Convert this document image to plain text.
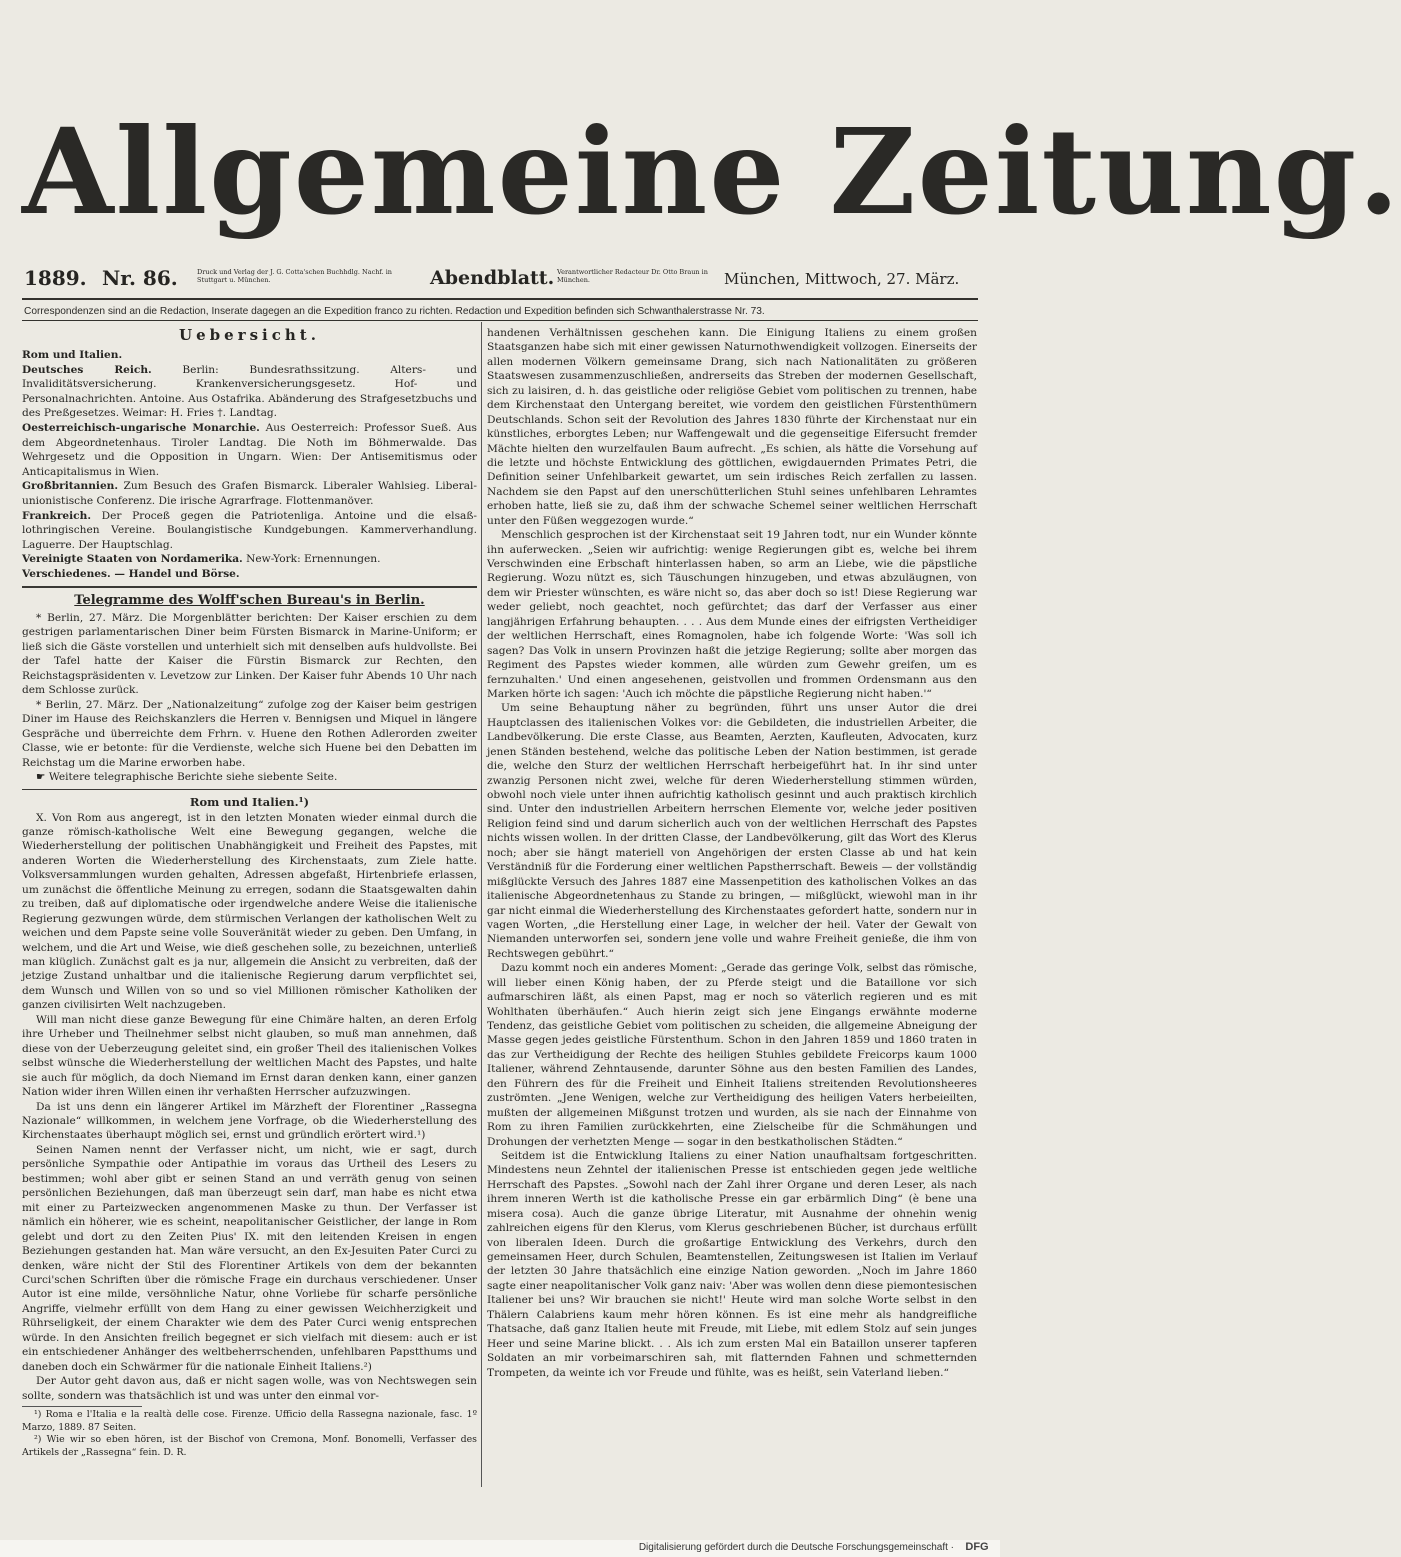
Allgemeine Zeitung.
1889. Nr. 86.	Druck und Verlag der J. G. Cotta'schen Buchhdlg. Nachf. in Stuttgart u. München.	Abendblatt. Verantwortlicher Redacteur Dr. Otto Braun in München.	München, Mittwoch, 27. März.
Correspondenzen sind an die Redaction, Inserate dagegen an die Expedition franco zu richten. Redaction und Expedition befinden sich Schwanthalerstrasse Nr. 73.
Uebersicht.

Rom und Italien.

Deutsches Reich.	Berlin: Bundesrathssitzung. Alters- und Invaliditätsversicherung. Krankenversicherungsgesetz. Hof- und Personalnachrichten. Antoine. Aus Ostafrika. Abänderung des Strafgesetzbuchs und des Preßgesetzes. Weimar: H. Fries †. Landtag.

Oesterreichisch-ungarische Monarchie. Aus Oesterreich: Professor Sueß. Aus dem Abgeordnetenhaus. Tiroler Landtag. Die Noth im Böhmerwalde. Das Wehrgesetz und die Opposition in Ungarn. Wien: Der Antisemitismus oder Anticapitalismus in Wien.

Großbritannien. Zum Besuch des Grafen Bismarck. Liberaler Wahlsieg. Liberal-unionistische Conferenz. Die irische Agrarfrage. Flottenmanöver.

Frankreich. Der Proceß gegen die Patriotenliga. Antoine und die elsaß-lothringischen Vereine. Boulangistische Kundgebungen. Kammerverhandlung. Laguerre. Der Hauptschlag.

Vereinigte Staaten von Nordamerika. New-York: Ernennungen.

Verschiedenes. — Handel und Börse.

Telegramme des Wolff'schen Bureau's in Berlin.

* Berlin, 27. März. Die Morgenblätter berichten: Der Kaiser erschien zu dem gestrigen parlamentarischen Diner beim Fürsten Bismarck in Marine-Uniform; er ließ sich die Gäste vorstellen und unterhielt sich mit denselben aufs huldvollste. Bei der Tafel hatte der Kaiser die Fürstin Bismarck zur Rechten, den Reichstagspräsidenten v. Levetzow zur Linken. Der Kaiser fuhr Abends 10 Uhr nach dem Schlosse zurück.

* Berlin, 27. März. Der „Nationalzeitung“ zufolge zog der Kaiser beim gestrigen Diner im Hause des Reichskanzlers die Herren v. Bennigsen und Miquel in längere Gespräche und überreichte dem Frhrn. v. Huene den Rothen Adlerorden zweiter Classe, wie er betonte: für die Verdienste, welche sich Huene bei den Debatten im Reichstag um die Marine erworben habe.

☛ Weitere telegraphische Berichte siehe siebente Seite.

Rom und Italien.¹)

X. Von Rom aus angeregt, ist in den letzten Monaten wieder einmal durch die ganze römisch-katholische Welt eine Bewegung gegangen, welche die Wiederherstellung der politischen Unabhängigkeit und Freiheit des Papstes, mit anderen Worten die Wiederherstellung des Kirchenstaats, zum Ziele hatte. Volksversammlungen wurden gehalten, Adressen abgefaßt, Hirtenbriefe erlassen, um zunächst die öffentliche Meinung zu erregen, sodann die Staatsgewalten dahin zu treiben, daß auf diplomatische oder irgendwelche andere Weise die italienische Regierung gezwungen würde, dem stürmischen Verlangen der katholischen Welt zu weichen und dem Papste seine volle Souveränität wieder zu geben. Den Umfang, in welchem, und die Art und Weise, wie dieß geschehen solle, zu bezeichnen, unterließ man klüglich. Zunächst galt es ja nur, allgemein die Ansicht zu verbreiten, daß der jetzige Zustand unhaltbar und die italienische Regierung darum verpflichtet sei, dem Wunsch und Willen von so und so viel Millionen römischer Katholiken der ganzen civilisirten Welt nachzugeben.

Will man nicht diese ganze Bewegung für eine Chimäre halten, an deren Erfolg ihre Urheber und Theilnehmer selbst nicht glauben, so muß man annehmen, daß diese von der Ueberzeugung geleitet sind, ein großer Theil des italienischen Volkes selbst wünsche die Wiederherstellung der weltlichen Macht des Papstes, und halte sie auch für möglich, da doch Niemand im Ernst daran denken kann, einer ganzen Nation wider ihren Willen einen ihr verhaßten Herrscher aufzuzwingen.

Da ist uns denn ein längerer Artikel im Märzheft der Florentiner „Rassegna Nazionale“ willkommen, in welchem jene Vorfrage, ob die Wiederherstellung des Kirchenstaates überhaupt möglich sei, ernst und gründlich erörtert wird.¹)

Seinen Namen nennt der Verfasser nicht, um nicht, wie er sagt, durch persönliche Sympathie oder Antipathie im voraus das Urtheil des Lesers zu bestimmen; wohl aber gibt er seinen Stand an und verräth genug von seinen persönlichen Beziehungen, daß man überzeugt sein darf, man habe es nicht etwa mit einer zu Parteizwecken angenommenen Maske zu thun. Der Verfasser ist nämlich ein höherer, wie es scheint, neapolitanischer Geistlicher, der lange in Rom gelebt und dort zu den Zeiten Pius' IX. mit den leitenden Kreisen in engen Beziehungen gestanden hat. Man wäre versucht, an den Ex-Jesuiten Pater Curci zu denken, wäre nicht der Stil des Florentiner Artikels von dem der bekannten Curci'schen Schriften über die römische Frage ein durchaus verschiedener. Unser Autor ist eine milde, versöhnliche Natur, ohne Vorliebe für scharfe persönliche Angriffe, vielmehr erfüllt von dem Hang zu einer gewissen Weichherzigkeit und Rührseligkeit, der einem Charakter wie dem des Pater Curci wenig entsprechen würde. In den Ansichten freilich begegnet er sich vielfach mit diesem: auch er ist ein entschiedener Anhänger des weltbeherrschenden, unfehlbaren Papstthums und daneben doch ein Schwärmer für die nationale Einheit Italiens.²)

Der Autor geht davon aus, daß er nicht sagen wolle, was von Nechtswegen sein sollte, sondern was thatsächlich ist und was unter den einmal vor-

¹) Roma e l'Italia e la realtà delle cose. Firenze. Ufficio della Rassegna nazionale, fasc. 1º Marzo, 1889. 87 Seiten.

²) Wie wir so eben hören, ist der Bischof von Cremona, Monf. Bonomelli, Verfasser des Artikels der „Rassegna“ fein. D. R.

handenen Verhältnissen geschehen kann. Die Einigung Italiens zu einem großen Staatsganzen habe sich mit einer gewissen Naturnothwendigkeit vollzogen. Einerseits der allen modernen Völkern gemeinsame Drang, sich nach Nationalitäten zu größeren Staatswesen zusammenzuschließen, andrerseits das Streben der modernen Gesellschaft, sich zu laisiren, d. h. das geistliche oder religiöse Gebiet vom politischen zu trennen, habe dem Kirchenstaat den Untergang bereitet, wie vordem den geistlichen Fürstenthümern Deutschlands. Schon seit der Revolution des Jahres 1830 führte der Kirchenstaat nur ein künstliches, erborgtes Leben; nur Waffengewalt und die gegenseitige Eifersucht fremder Mächte hielten den wurzelfaulen Baum aufrecht. „Es schien, als hätte die Vorsehung auf die letzte und höchste Entwicklung des göttlichen, ewigdauernden Primates Petri, die Definition seiner Unfehlbarkeit gewartet, um sein irdisches Reich zerfallen zu lassen. Nachdem sie den Papst auf den unerschütterlichen Stuhl seines unfehlbaren Lehramtes erhoben hatte, ließ sie zu, daß ihm der schwache Schemel seiner weltlichen Herrschaft unter den Füßen weggezogen wurde.“

Menschlich gesprochen ist der Kirchenstaat seit 19 Jahren todt, nur ein Wunder könnte ihn auferwecken. „Seien wir aufrichtig: wenige Regierungen gibt es, welche bei ihrem Verschwinden eine Erbschaft hinterlassen haben, so arm an Liebe, wie die päpstliche Regierung. Wozu nützt es, sich Täuschungen hinzugeben, und etwas abzuläugnen, von dem wir Priester wünschten, es wäre nicht so, das aber doch so ist! Diese Regierung war weder geliebt, noch geachtet, noch gefürchtet; das darf der Verfasser aus einer langjährigen Erfahrung behaupten. . . . Aus dem Munde eines der eifrigsten Vertheidiger der weltlichen Herrschaft, eines Romagnolen, habe ich folgende Worte: 'Was soll ich sagen? Das Volk in unsern Provinzen haßt die jetzige Regierung; sollte aber morgen das Regiment des Papstes wieder kommen, alle würden zum Gewehr greifen, um es fernzuhalten.' Und einen angesehenen, geistvollen und frommen Ordensmann aus den Marken hörte ich sagen: 'Auch ich möchte die päpstliche Regierung nicht haben.'“

Um seine Behauptung näher zu begründen, führt uns unser Autor die drei Hauptclassen des italienischen Volkes vor: die Gebildeten, die industriellen Arbeiter, die Landbevölkerung. Die erste Classe, aus Beamten, Aerzten, Kaufleuten, Advocaten, kurz jenen Ständen bestehend, welche das politische Leben der Nation bestimmen, ist gerade die, welche den Sturz der weltlichen Herrschaft herbeigeführt hat. In ihr sind unter zwanzig Personen nicht zwei, welche für deren Wiederherstellung stimmen würden, obwohl noch viele unter ihnen aufrichtig katholisch gesinnt und auch praktisch kirchlich sind. Unter den industriellen Arbeitern herrschen Elemente vor, welche jeder positiven Religion feind sind und darum sicherlich auch von der weltlichen Herrschaft des Papstes nichts wissen wollen. In der dritten Classe, der Landbevölkerung, gilt das Wort des Klerus noch; aber sie hängt materiell von Angehörigen der ersten Classe ab und hat kein Verständniß für die Forderung einer weltlichen Papstherrschaft. Beweis — der vollständig mißglückte Versuch des Jahres 1887 eine Massenpetition des katholischen Volkes an das italienische Abgeordnetenhaus zu Stande zu bringen, — mißglückt, wiewohl man in ihr gar nicht einmal die Wiederherstellung des Kirchenstaates gefordert hatte, sondern nur in vagen Worten, „die Herstellung einer Lage, in welcher der heil. Vater der Gewalt von Niemanden unterworfen sei, sondern jene volle und wahre Freiheit genieße, die ihm von Rechtswegen gebührt.“

Dazu kommt noch ein anderes Moment: „Gerade das geringe Volk, selbst das römische, will lieber einen König haben, der zu Pferde steigt und die Bataillone vor sich aufmarschiren läßt, als einen Papst, mag er noch so väterlich regieren und es mit Wohlthaten überhäufen.“ Auch hierin zeigt sich jene Eingangs erwähnte moderne Tendenz, das geistliche Gebiet vom politischen zu scheiden, die allgemeine Abneigung der Masse gegen jedes geistliche Fürstenthum. Schon in den Jahren 1859 und 1860 traten in das zur Vertheidigung der Rechte des heiligen Stuhles gebildete Freicorps kaum 1000 Italiener, während Zehntausende, darunter Söhne aus den besten Familien des Landes, den Führern des für die Freiheit und Einheit Italiens streitenden Revolutionsheeres zuströmten. „Jene Wenigen, welche zur Vertheidigung des heiligen Vaters herbeieilten, mußten der allgemeinen Mißgunst trotzen und wurden, als sie nach der Einnahme von Rom zu ihren Familien zurückkehrten, eine Zielscheibe für die Schmähungen und Drohungen der verhetzten Menge — sogar in den bestkatholischen Städten.“

Seitdem ist die Entwicklung Italiens zu einer Nation unaufhaltsam fortgeschritten. Mindestens neun Zehntel der italienischen Presse ist entschieden gegen jede weltliche Herrschaft des Papstes. „Sowohl nach der Zahl ihrer Organe und deren Leser, als nach ihrem inneren Werth ist die katholische Presse ein gar erbärmlich Ding“ (è bene una misera cosa). Auch die ganze übrige Literatur, mit Ausnahme der ohnehin wenig zahlreichen eigens für den Klerus, vom Klerus geschriebenen Bücher, ist durchaus erfüllt von liberalen Ideen. Durch die großartige Entwicklung des Verkehrs, durch den gemeinsamen Heer, durch Schulen, Beamtenstellen, Zeitungswesen ist Italien im Verlauf der letzten 30 Jahre thatsächlich eine einzige Nation geworden. „Noch im Jahre 1860 sagte einer neapolitanischer Volk ganz naiv: 'Aber was wollen denn diese piemontesischen Italiener bei uns? Wir brauchen sie nicht!' Heute wird man solche Worte selbst in den Thälern Calabriens kaum mehr hören können. Es ist eine mehr als handgreifliche Thatsache, daß ganz Italien heute mit Freude, mit Liebe, mit edlem Stolz auf sein junges Heer und seine Marine blickt. . . Als ich zum ersten Mal ein Bataillon unserer tapferen Soldaten an mir vorbeimarschiren sah, mit flatternden Fahnen und schmetternden Trompeten, da weinte ich vor Freude und fühlte, was es heißt, sein Vaterland lieben.“

Digitalisierung gefördert durch die Deutsche Forschungsgemeinschaft ·	DFG
